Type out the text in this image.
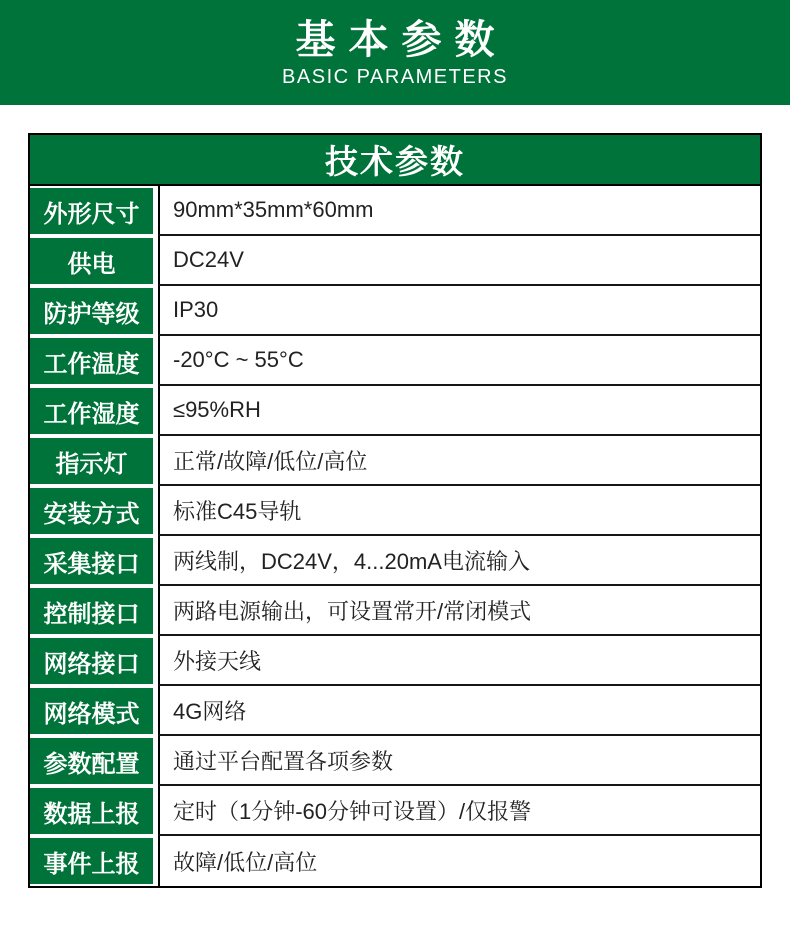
基本参数
BASIC PARAMETERS
技术参数
外形尺寸	90mm*35mm*60mm
供电	DC24V
防护等级	IP30
工作温度	-20°C ~ 55°C
工作湿度	≤95%RH
指示灯	正常/故障/低位/高位
安装方式	标准C45导轨
采集接口	两线制，DC24V，4...20mA电流输入
控制接口	两路电源输出，可设置常开/常闭模式
网络接口	外接天线
网络模式	4G网络
参数配置	通过平台配置各项参数
数据上报	定时（1分钟-60分钟可设置）/仅报警
事件上报	故障/低位/高位
